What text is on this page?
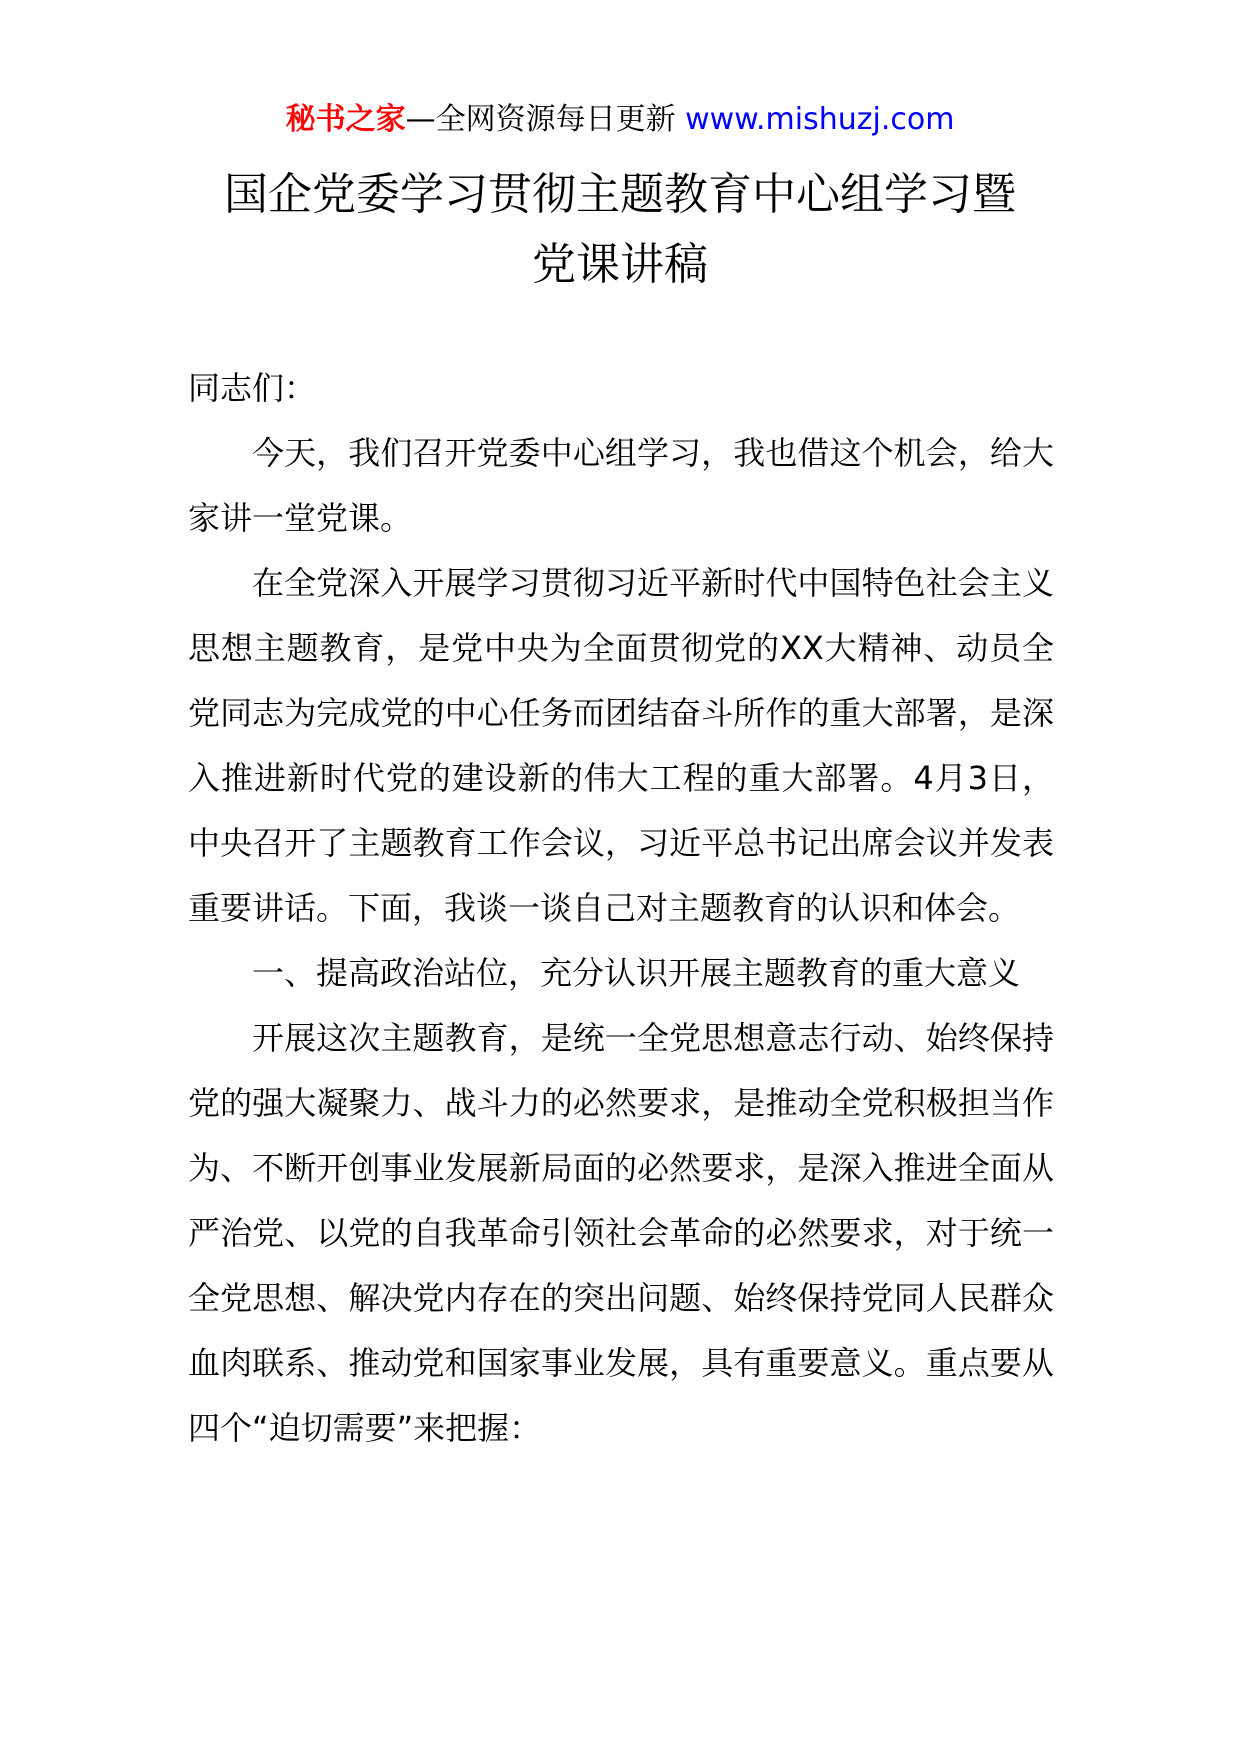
秘书之家—全网资源每日更新 www.mishuzj.com
国企党委学习贯彻主题教育中心组学习暨
党课讲稿

同志们：

今天，我们召开党委中心组学习，我也借这个机会，给大家讲一堂党课。

在全党深入开展学习贯彻习近平新时代中国特色社会主义思想主题教育，是党中央为全面贯彻党的XX大精神、动员全党同志为完成党的中心任务而团结奋斗所作的重大部署，是深入推进新时代党的建设新的伟大工程的重大部署。4月3日，中央召开了主题教育工作会议，习近平总书记出席会议并发表重要讲话。下面，我谈一谈自己对主题教育的认识和体会。

一、提高政治站位，充分认识开展主题教育的重大意义

开展这次主题教育，是统一全党思想意志行动、始终保持党的强大凝聚力、战斗力的必然要求，是推动全党积极担当作为、不断开创事业发展新局面的必然要求，是深入推进全面从严治党、以党的自我革命引领社会革命的必然要求，对于统一全党思想、解决党内存在的突出问题、始终保持党同人民群众血肉联系、推动党和国家事业发展，具有重要意义。重点要从四个“迫切需要”来把握：
